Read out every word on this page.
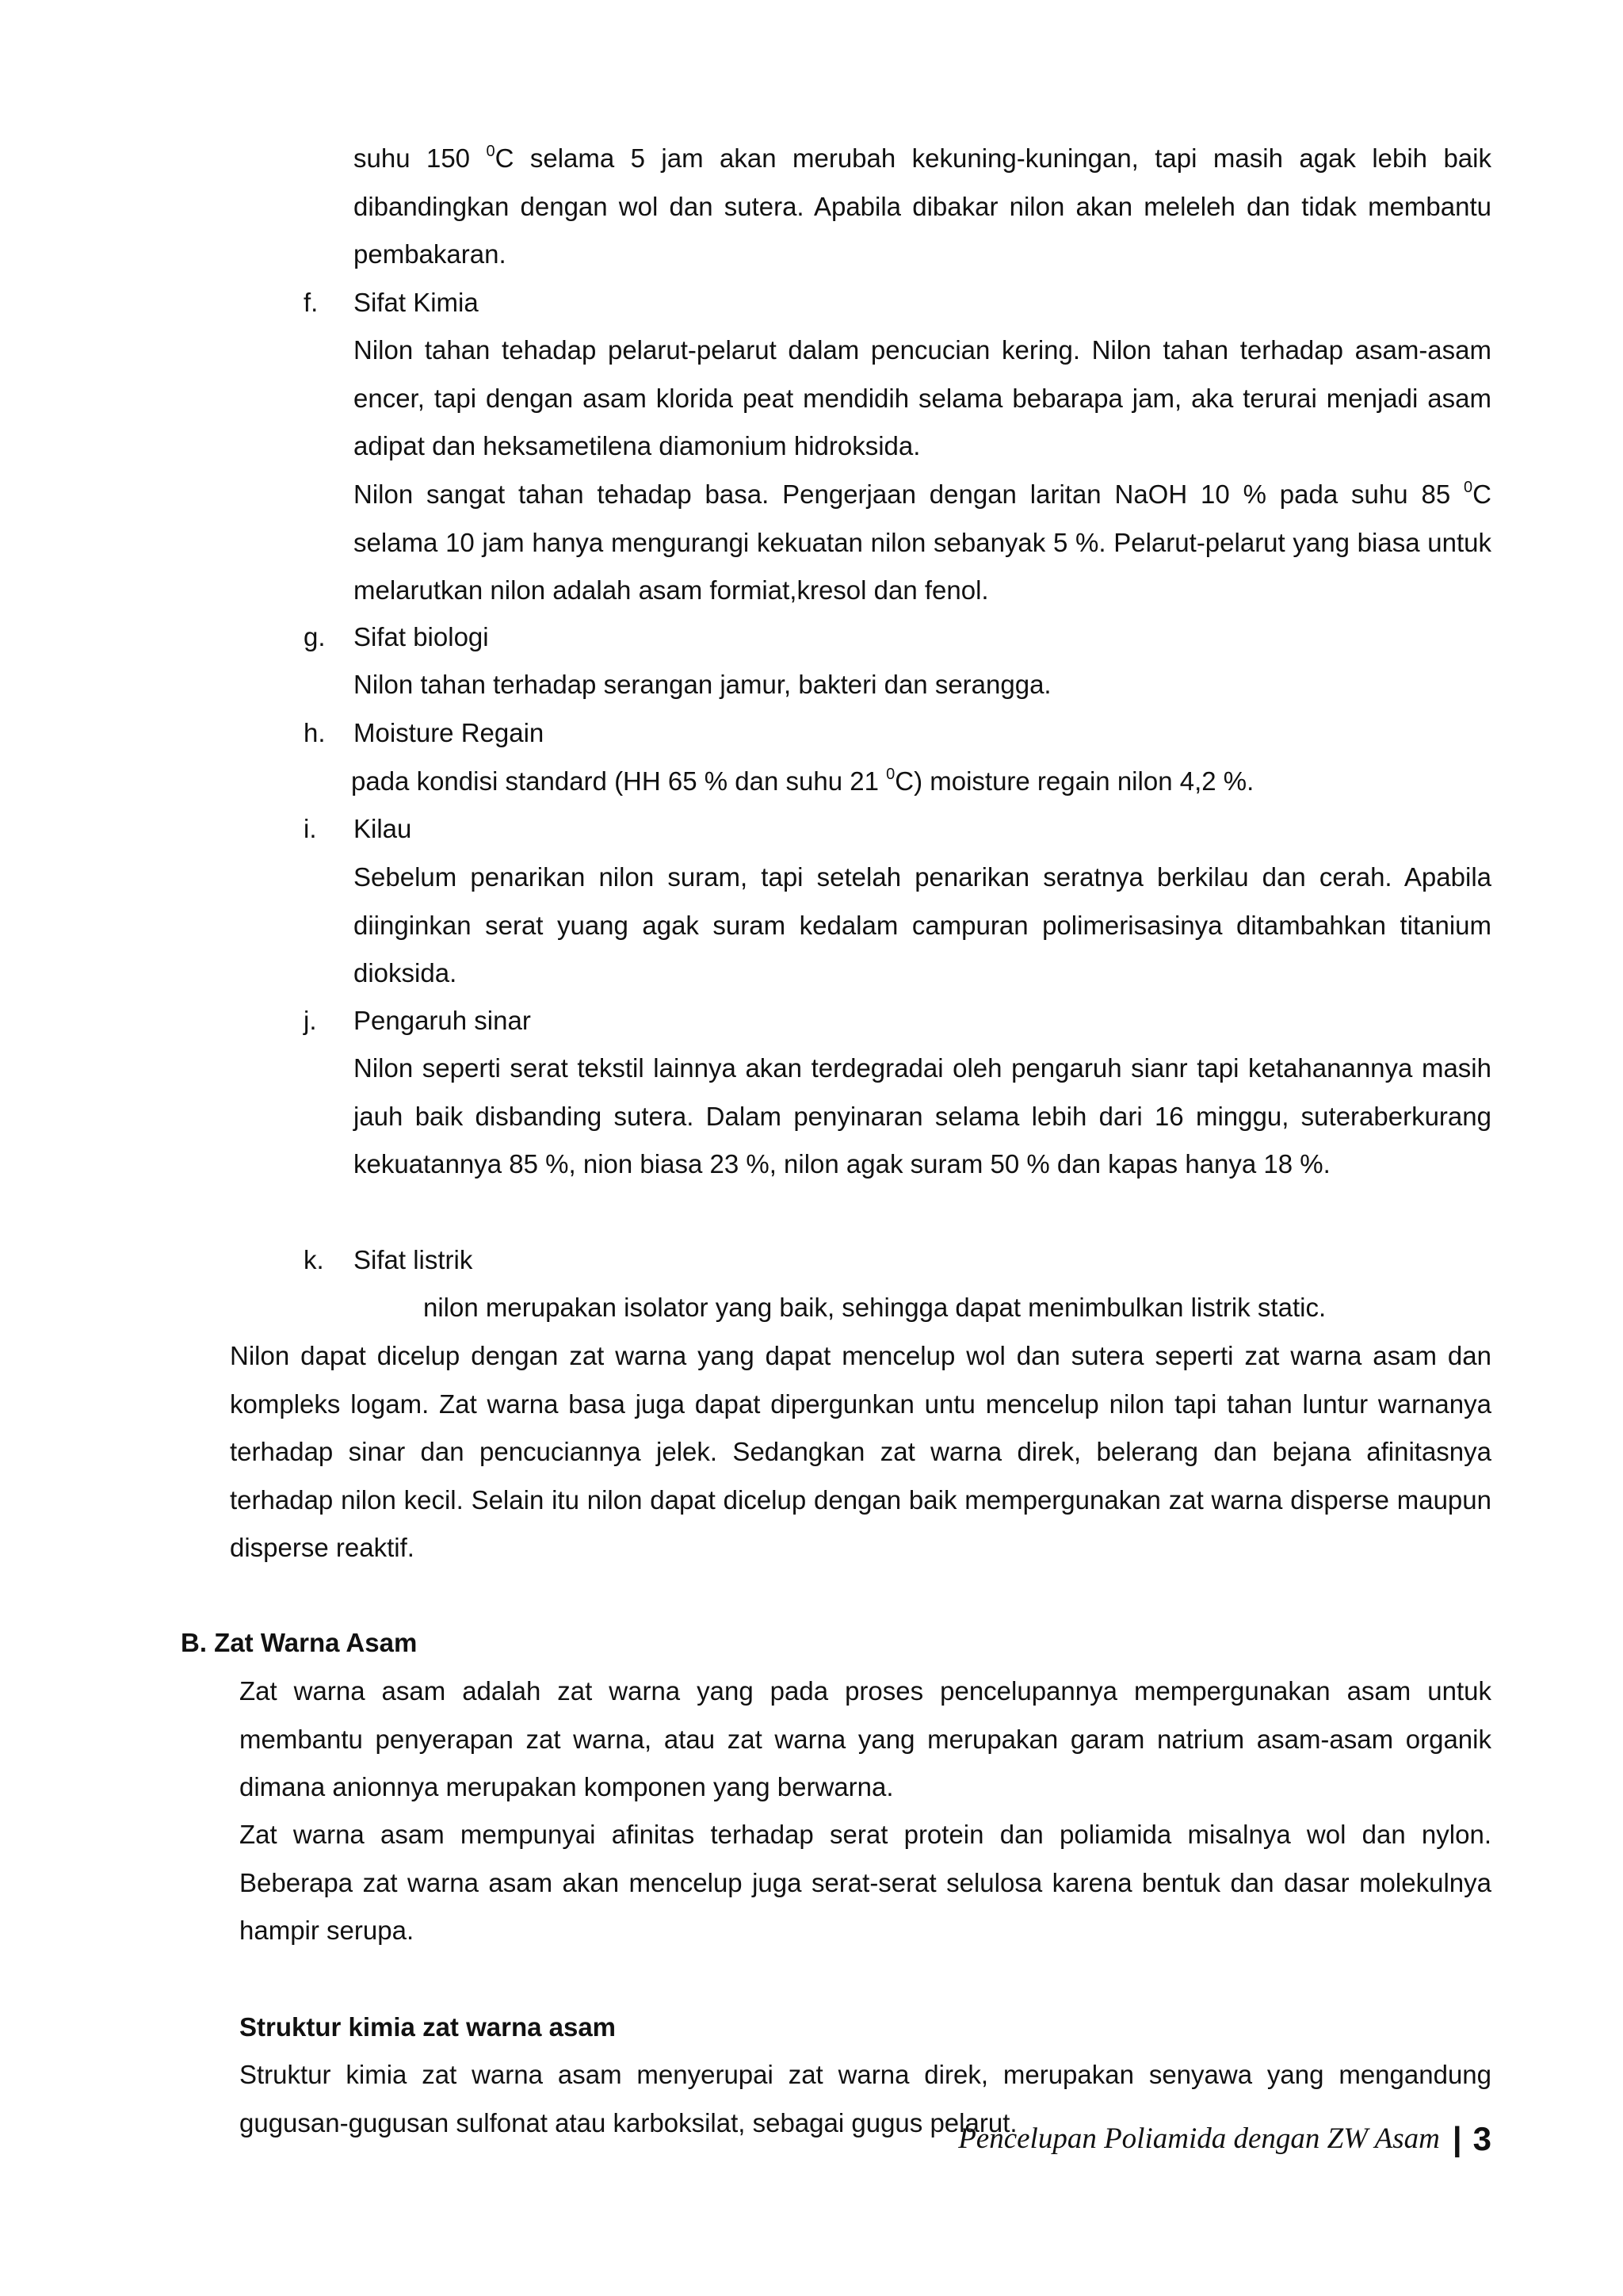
suhu 150 $^0$C selama 5 jam akan merubah kekuning-kuningan, tapi masih agak lebih baik dibandingkan dengan wol dan sutera. Apabila dibakar nilon akan meleleh dan tidak membantu pembakaran.

f. Sifat Kimia

Nilon tahan tehadap pelarut-pelarut dalam pencucian kering. Nilon tahan terhadap asam-asam encer, tapi dengan asam klorida peat mendidih selama bebarapa jam, aka terurai menjadi asam adipat dan heksametilena diamonium hidroksida.

Nilon sangat tahan tehadap basa. Pengerjaan dengan laritan NaOH 10 % pada suhu 85 $^0$C selama 10 jam hanya mengurangi kekuatan nilon sebanyak 5 %. Pelarut-pelarut yang biasa untuk melarutkan nilon adalah asam formiat,kresol dan fenol.

g. Sifat biologi

Nilon tahan terhadap serangan jamur, bakteri dan serangga.

h. Moisture Regain

pada kondisi standard (HH 65 % dan suhu 21 $^0$C) moisture regain nilon 4,2 %.

i. Kilau

Sebelum penarikan nilon suram, tapi setelah penarikan seratnya berkilau dan cerah. Apabila diinginkan serat yuang agak suram kedalam campuran polimerisasinya ditambahkan titanium dioksida.

j. Pengaruh sinar

Nilon seperti serat tekstil lainnya akan terdegradai oleh pengaruh sianr tapi ketahanannya masih jauh baik disbanding sutera. Dalam penyinaran selama lebih dari 16 minggu, suteraberkurang kekuatannya 85 %, nion biasa 23 %, nilon agak suram 50 % dan kapas hanya 18 %.

k. Sifat listrik

nilon merupakan isolator yang baik, sehingga dapat menimbulkan listrik static.

Nilon dapat dicelup dengan zat warna yang dapat mencelup wol dan sutera seperti zat warna asam dan kompleks logam. Zat warna basa juga dapat dipergunkan untu mencelup nilon tapi tahan luntur warnanya terhadap sinar dan pencuciannya jelek. Sedangkan zat warna direk, belerang dan bejana afinitasnya terhadap nilon kecil. Selain itu nilon dapat dicelup dengan baik mempergunakan zat warna disperse maupun disperse reaktif.

B. Zat Warna Asam

Zat warna asam adalah zat warna yang pada proses pencelupannya mempergunakan asam untuk membantu penyerapan zat warna, atau zat warna yang merupakan garam natrium asam-asam organik dimana anionnya merupakan komponen yang berwarna.

Zat warna asam mempunyai afinitas terhadap serat protein dan poliamida misalnya wol dan nylon. Beberapa zat warna asam akan mencelup juga serat-serat selulosa karena bentuk dan dasar molekulnya hampir serupa.

Struktur kimia zat warna asam

Struktur kimia zat warna asam menyerupai zat warna direk, merupakan senyawa yang mengandung gugusan-gugusan sulfonat atau karboksilat, sebagai gugus pelarut.

Pencelupan Poliamida dengan ZW Asam | 3
